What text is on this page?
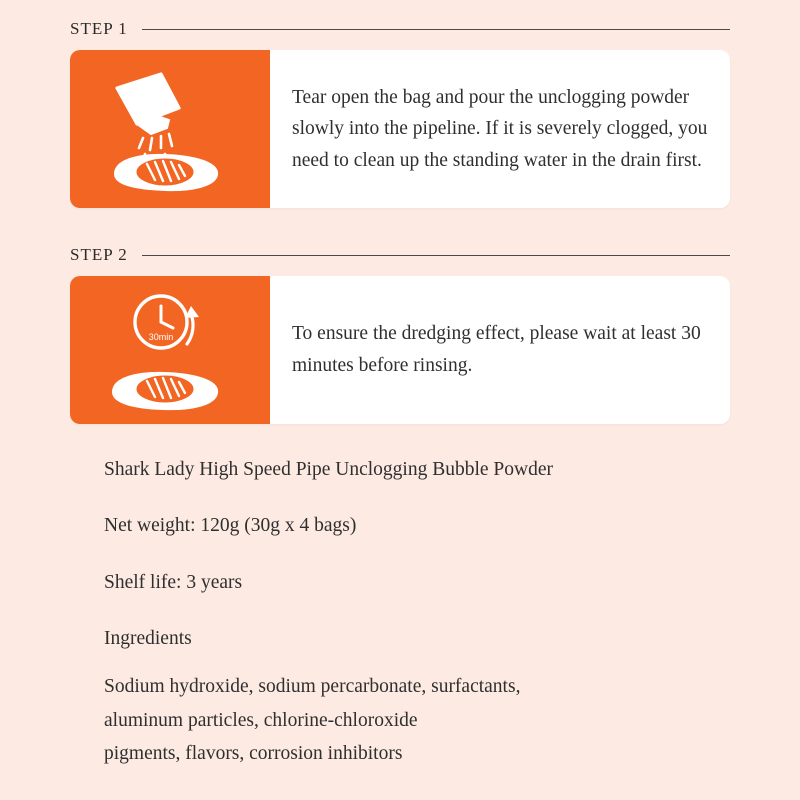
STEP 1

Tear open the bag and pour the unclogging powder slowly into the pipeline. If it is severely clogged, you need to clean up the standing water in the drain first.

STEP 2
30min	To ensure the dredging effect, please wait at least 30 minutes before rinsing.

Shark Lady High Speed Pipe Unclogging Bubble Powder
Net weight: 120g (30g x 4 bags)
Shelf life: 3 years
Ingredients
Sodium hydroxide, sodium percarbonate, surfactants,
aluminum particles, chlorine-chloroxide
pigments, flavors, corrosion inhibitors
